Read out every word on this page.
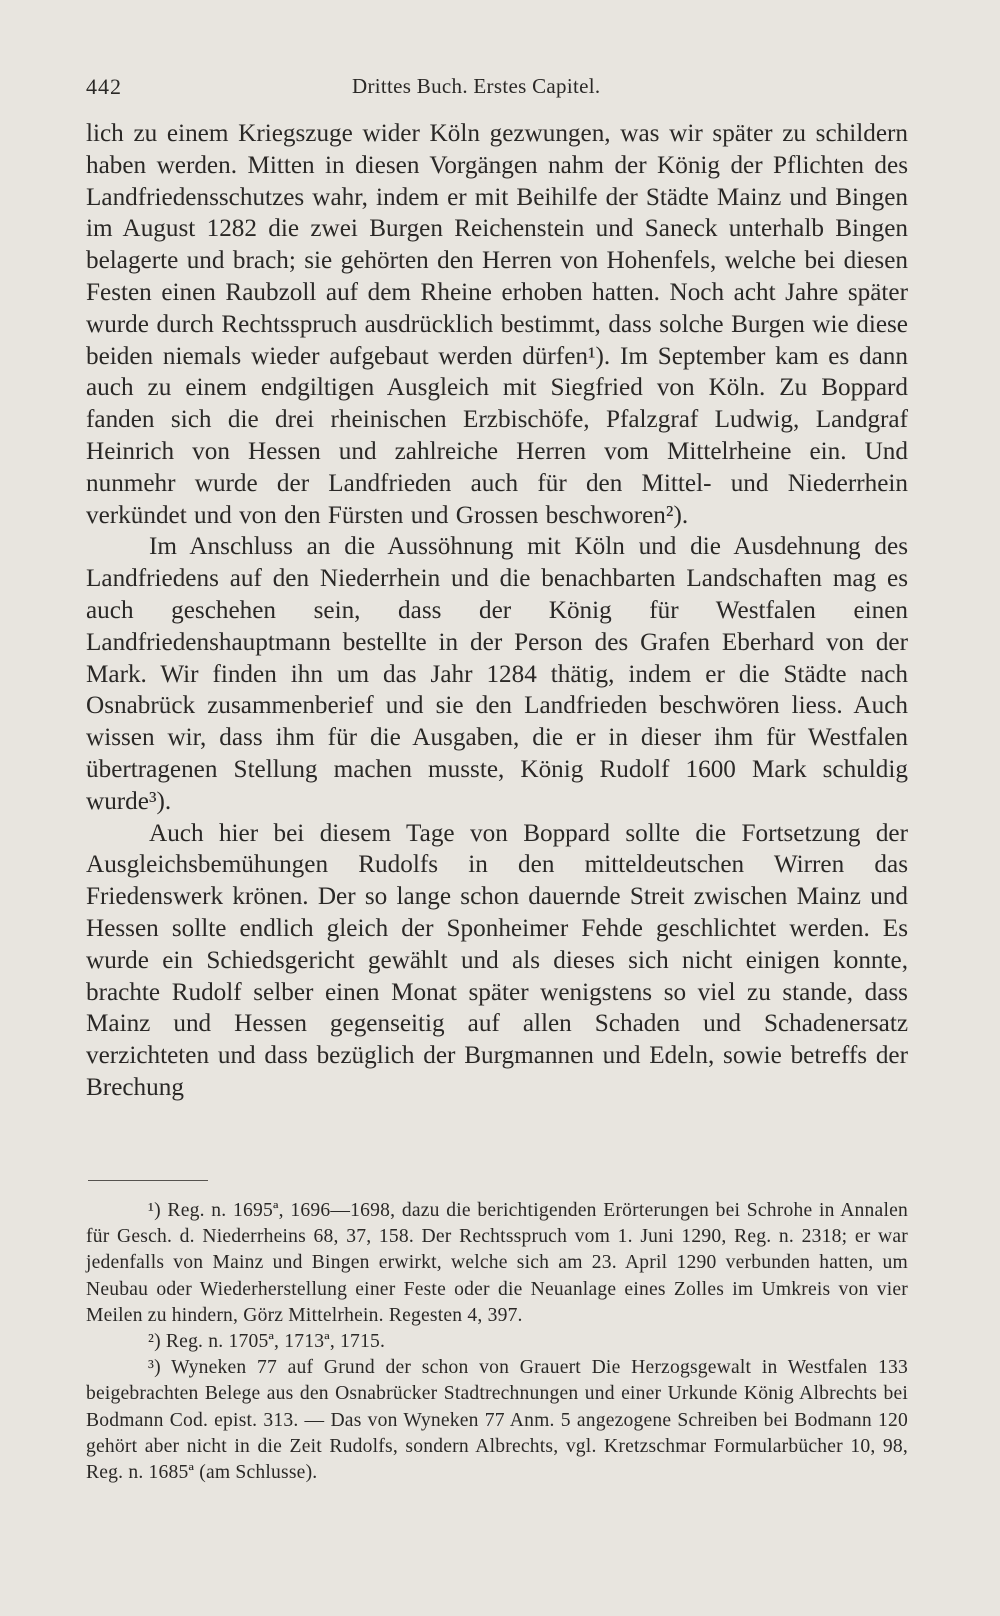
442	Drittes Buch. Erstes Capitel.

lich zu einem Kriegszuge wider Köln gezwungen, was wir später zu schildern haben werden. Mitten in diesen Vorgängen nahm der König der Pflichten des Landfriedensschutzes wahr, indem er mit Beihilfe der Städte Mainz und Bingen im August 1282 die zwei Burgen Reichenstein und Saneck unterhalb Bingen belagerte und brach; sie gehörten den Herren von Hohenfels, welche bei diesen Festen einen Raubzoll auf dem Rheine erhoben hatten. Noch acht Jahre später wurde durch Rechtsspruch ausdrücklich bestimmt, dass solche Burgen wie diese beiden niemals wieder aufgebaut werden dürfen¹). Im September kam es dann auch zu einem endgiltigen Ausgleich mit Siegfried von Köln. Zu Boppard fanden sich die drei rheinischen Erzbischöfe, Pfalzgraf Ludwig, Landgraf Heinrich von Hessen und zahlreiche Herren vom Mittelrheine ein. Und nunmehr wurde der Landfrieden auch für den Mittel- und Niederrhein verkündet und von den Fürsten und Grossen beschworen²).

Im Anschluss an die Aussöhnung mit Köln und die Ausdehnung des Landfriedens auf den Niederrhein und die benachbarten Landschaften mag es auch geschehen sein, dass der König für Westfalen einen Landfriedenshauptmann bestellte in der Person des Grafen Eberhard von der Mark. Wir finden ihn um das Jahr 1284 thätig, indem er die Städte nach Osnabrück zusammenberief und sie den Landfrieden beschwören liess. Auch wissen wir, dass ihm für die Ausgaben, die er in dieser ihm für Westfalen übertragenen Stellung machen musste, König Rudolf 1600 Mark schuldig wurde³).

Auch hier bei diesem Tage von Boppard sollte die Fortsetzung der Ausgleichsbemühungen Rudolfs in den mitteldeutschen Wirren das Friedenswerk krönen. Der so lange schon dauernde Streit zwischen Mainz und Hessen sollte endlich gleich der Sponheimer Fehde geschlichtet werden. Es wurde ein Schiedsgericht gewählt und als dieses sich nicht einigen konnte, brachte Rudolf selber einen Monat später wenigstens so viel zu stande, dass Mainz und Hessen gegenseitig auf allen Schaden und Schadenersatz verzichteten und dass bezüglich der Burgmannen und Edeln, sowie betreffs der Brechung

¹) Reg. n. 1695ª, 1696—1698, dazu die berichtigenden Erörterungen bei Schrohe in Annalen für Gesch. d. Niederrheins 68, 37, 158. Der Rechtsspruch vom 1. Juni 1290, Reg. n. 2318; er war jedenfalls von Mainz und Bingen erwirkt, welche sich am 23. April 1290 verbunden hatten, um Neubau oder Wiederherstellung einer Feste oder die Neuanlage eines Zolles im Umkreis von vier Meilen zu hindern, Görz Mittelrhein. Regesten 4, 397.

²) Reg. n. 1705ª, 1713ª, 1715.

³) Wyneken 77 auf Grund der schon von Grauert Die Herzogsgewalt in Westfalen 133 beigebrachten Belege aus den Osnabrücker Stadtrechnungen und einer Urkunde König Albrechts bei Bodmann Cod. epist. 313. — Das von Wyneken 77 Anm. 5 angezogene Schreiben bei Bodmann 120 gehört aber nicht in die Zeit Rudolfs, sondern Albrechts, vgl. Kretzschmar Formularbücher 10, 98, Reg. n. 1685ª (am Schlusse).
